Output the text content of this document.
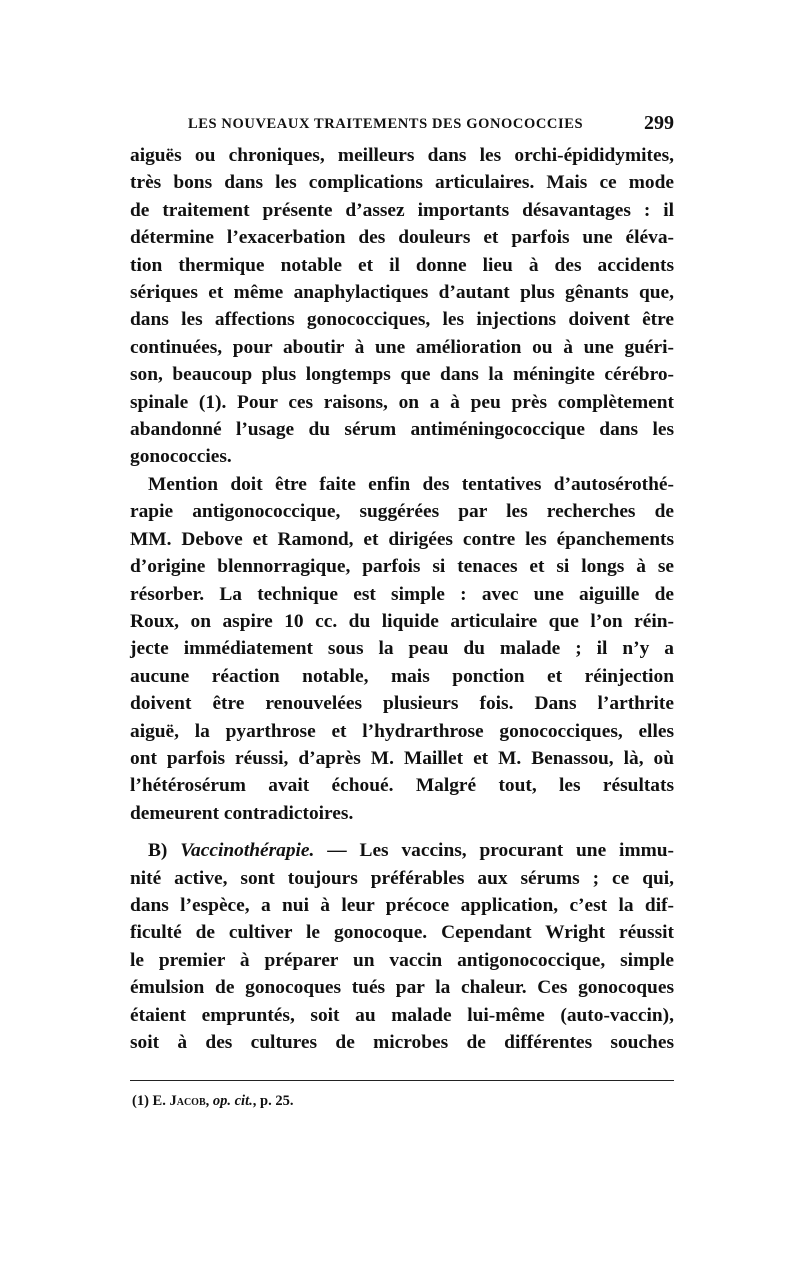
LES NOUVEAUX TRAITEMENTS DES GONOCOCCIES	299
aiguës ou chroniques, meilleurs dans les orchi-épididymites,
très bons dans les complications articulaires. Mais ce mode
de traitement présente d’assez importants désavantages : il
détermine l’exacerbation des douleurs et parfois une éléva-
tion thermique notable et il donne lieu à des accidents
sériques et même anaphylactiques d’autant plus gênants que,
dans les affections gonococciques, les injections doivent être
continuées, pour aboutir à une amélioration ou à une guéri-
son, beaucoup plus longtemps que dans la méningite cérébro-
spinale (1). Pour ces raisons, on a à peu près complètement
abandonné l’usage du sérum antiméningococcique dans les
gonococcies.
Mention doit être faite enfin des tentatives d’autosérothé-
rapie antigonococcique, suggérées par les recherches de
MM. Debove et Ramond, et dirigées contre les épanchements
d’origine blennorragique, parfois si tenaces et si longs à se
résorber. La technique est simple : avec une aiguille de
Roux, on aspire 10 cc. du liquide articulaire que l’on réin-
jecte immédiatement sous la peau du malade ; il n’y a
aucune réaction notable, mais ponction et réinjection
doivent être renouvelées plusieurs fois. Dans l’arthrite
aiguë, la pyarthrose et l’hydrarthrose gonococciques, elles
ont parfois réussi, d’après M. Maillet et M. Benassou, là, où
l’hétérosérum avait échoué. Malgré tout, les résultats
demeurent contradictoires.
B) Vaccinothérapie. — Les vaccins, procurant une immu-
nité active, sont toujours préférables aux sérums ; ce qui,
dans l’espèce, a nui à leur précoce application, c’est la dif-
ficulté de cultiver le gonocoque. Cependant Wright réussit
le premier à préparer un vaccin antigonococcique, simple
émulsion de gonocoques tués par la chaleur. Ces gonocoques
étaient empruntés, soit au malade lui-même (auto-vaccin),
soit à des cultures de microbes de différentes souches
(1) E. Jacob, op. cit., p. 25.
